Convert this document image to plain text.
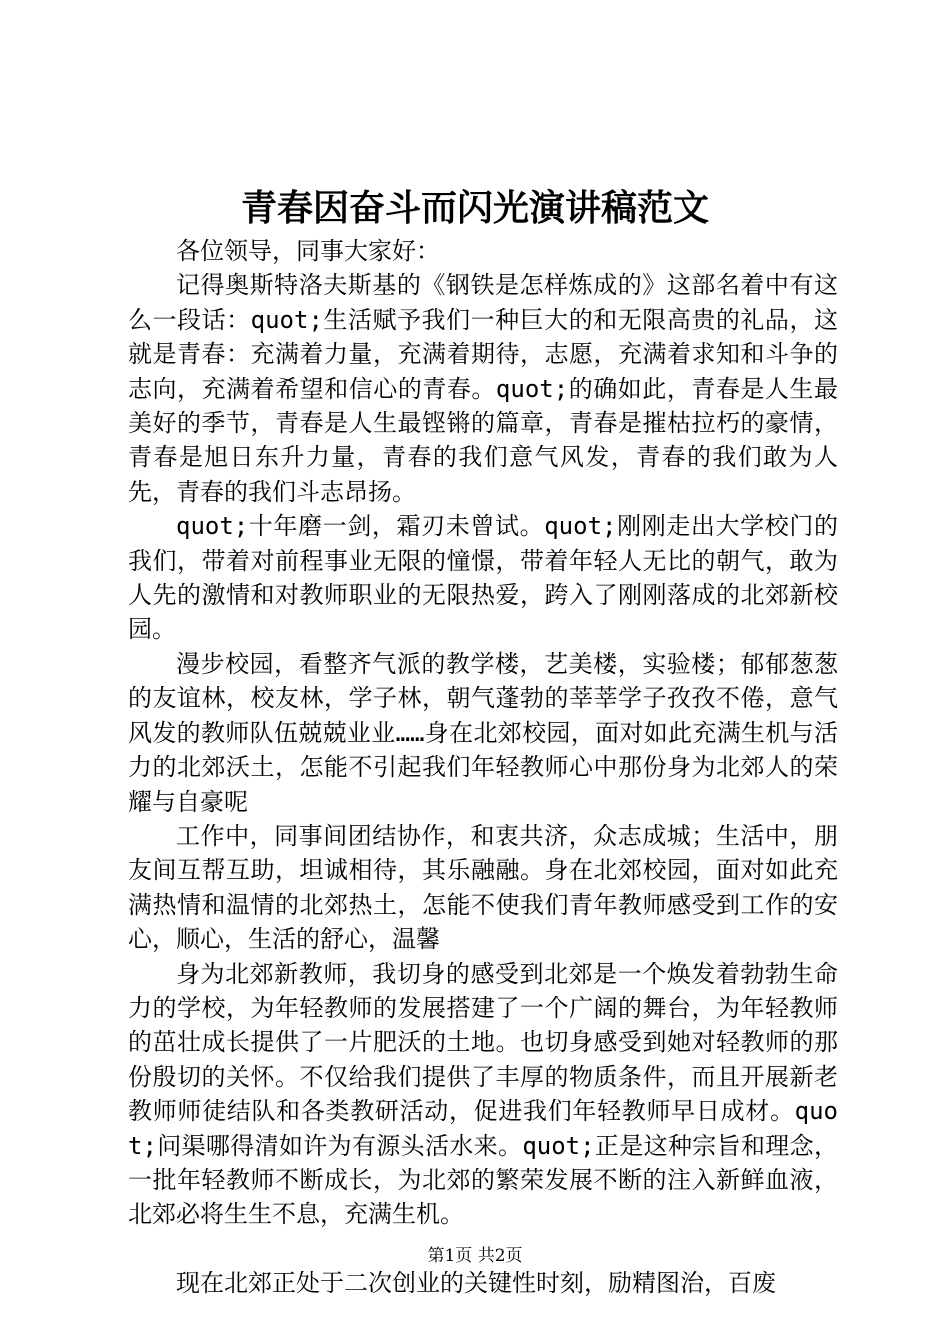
青春因奋斗而闪光演讲稿范文

各位领导，同事大家好：

记得奥斯特洛夫斯基的《钢铁是怎样炼成的》这部名着中有这么一段话：quot;生活赋予我们一种巨大的和无限高贵的礼品，这就是青春：充满着力量，充满着期待，志愿，充满着求知和斗争的志向，充满着希望和信心的青春。quot;的确如此，青春是人生最美好的季节，青春是人生最铿锵的篇章，青春是摧枯拉朽的豪情，青春是旭日东升力量，青春的我们意气风发，青春的我们敢为人先，青春的我们斗志昂扬。

quot;十年磨一剑，霜刃未曾试。quot;刚刚走出大学校门的我们，带着对前程事业无限的憧憬，带着年轻人无比的朝气，敢为人先的激情和对教师职业的无限热爱，跨入了刚刚落成的北郊新校园。

漫步校园，看整齐气派的教学楼，艺美楼，实验楼；郁郁葱葱的友谊林，校友林，学子林，朝气蓬勃的莘莘学子孜孜不倦，意气风发的教师队伍兢兢业业……身在北郊校园，面对如此充满生机与活力的北郊沃土，怎能不引起我们年轻教师心中那份身为北郊人的荣耀与自豪呢

工作中，同事间团结协作，和衷共济，众志成城；生活中，朋友间互帮互助，坦诚相待，其乐融融。身在北郊校园，面对如此充满热情和温情的北郊热土，怎能不使我们青年教师感受到工作的安心，顺心，生活的舒心，温馨

身为北郊新教师，我切身的感受到北郊是一个焕发着勃勃生命力的学校，为年轻教师的发展搭建了一个广阔的舞台，为年轻教师的茁壮成长提供了一片肥沃的土地。也切身感受到她对轻教师的那份殷切的关怀。不仅给我们提供了丰厚的物质条件，而且开展新老教师师徒结队和各类教研活动，促进我们年轻教师早日成材。quot;问渠哪得清如许为有源头活水来。quot;正是这种宗旨和理念，一批年轻教师不断成长，为北郊的繁荣发展不断的注入新鲜血液，北郊必将生生不息，充满生机。

现在北郊正处于二次创业的关键性时刻，励精图治，百废

第1页 共2页
